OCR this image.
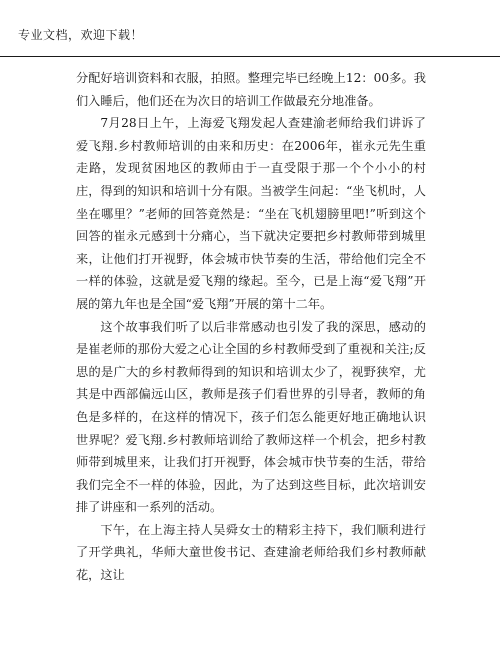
专业文档，欢迎下载！

分配好培训资料和衣服，拍照。整理完毕已经晚上12：00多。我们入睡后，他们还在为次日的培训工作做最充分地准备。

7月28日上午，上海爱飞翔发起人查建渝老师给我们讲诉了爱飞翔.乡村教师培训的由来和历史：在2006年，崔永元先生重走路，发现贫困地区的教师由于一直受限于那一个个小小的村庄，得到的知识和培训十分有限。当被学生问起：“坐飞机时，人坐在哪里？”老师的回答竟然是：“坐在飞机翅膀里吧!”听到这个回答的崔永元感到十分痛心，当下就决定要把乡村教师带到城里来，让他们打开视野，体会城市快节奏的生活，带给他们完全不一样的体验，这就是爱飞翔的缘起。至今，已是上海“爱飞翔”开展的第九年也是全国“爱飞翔”开展的第十二年。

这个故事我们听了以后非常感动也引发了我的深思，感动的是崔老师的那份大爱之心让全国的乡村教师受到了重视和关注;反思的是广大的乡村教师得到的知识和培训太少了，视野狭窄，尤其是中西部偏远山区，教师是孩子们看世界的引导者，教师的角色是多样的，在这样的情况下，孩子们怎么能更好地正确地认识世界呢？爱飞翔.乡村教师培训给了教师这样一个机会，把乡村教师带到城里来，让我们打开视野，体会城市快节奏的生活，带给我们完全不一样的体验，因此，为了达到这些目标，此次培训安排了讲座和一系列的活动。

下午，在上海主持人吴舜女士的精彩主持下，我们顺利进行了开学典礼，华师大童世俊书记、查建渝老师给我们乡村教师献花，这让
